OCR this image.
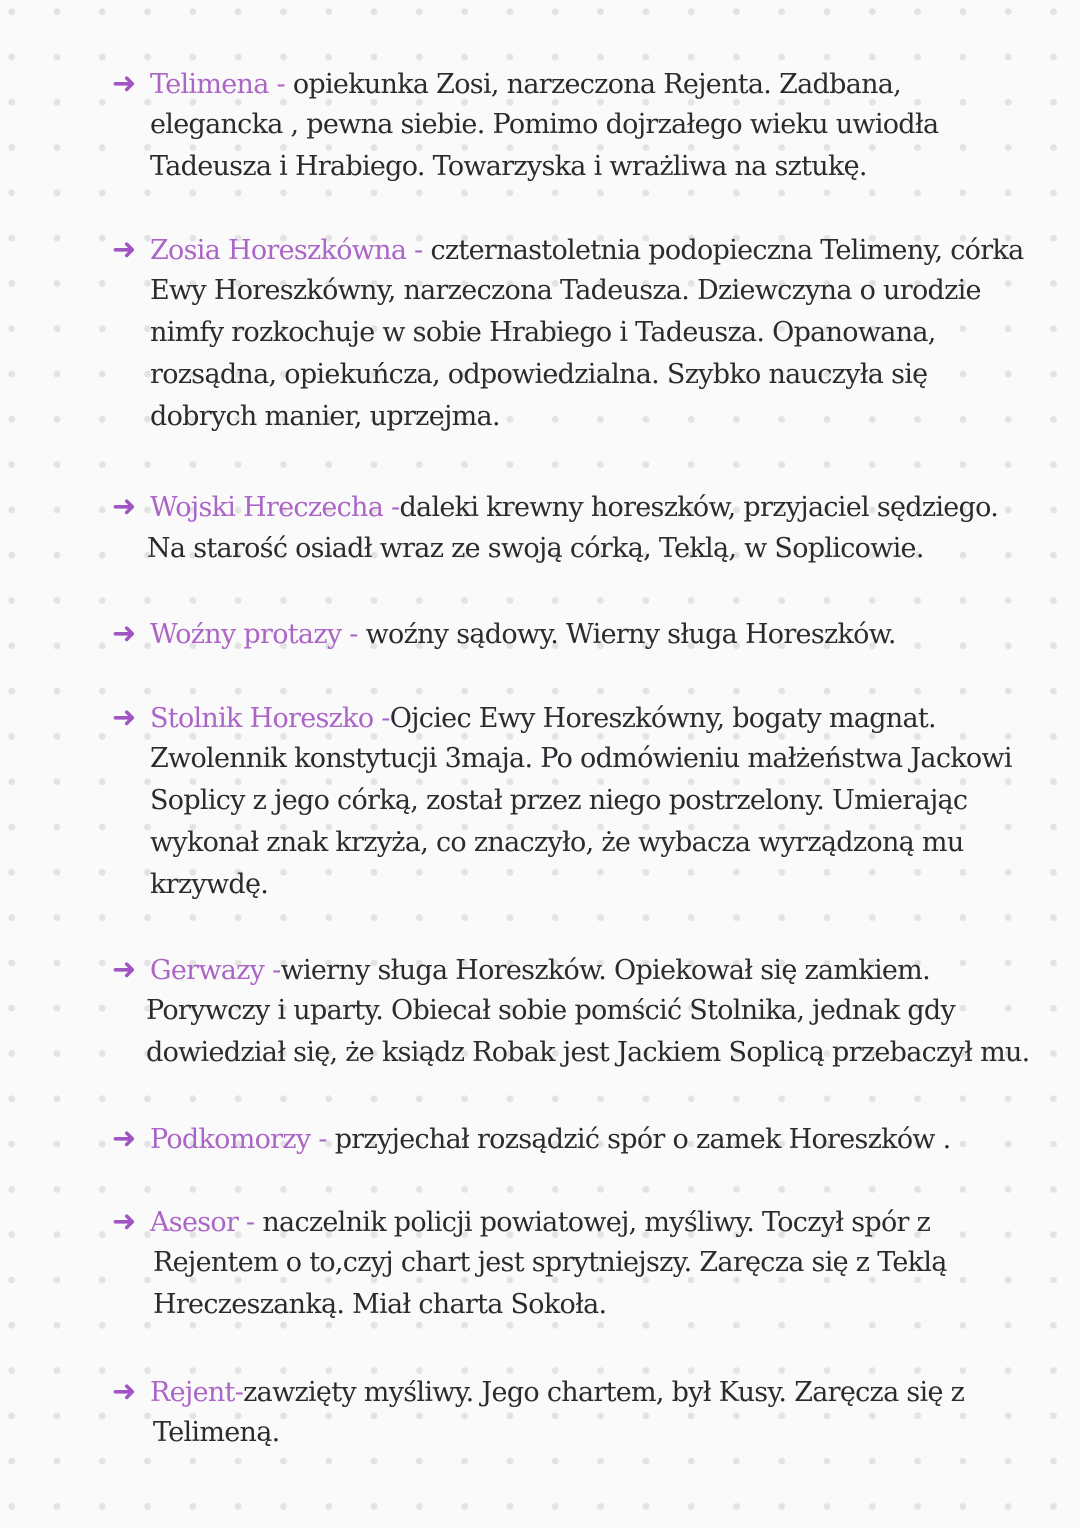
➜ Telimena - opiekunka Zosi, narzeczona Rejenta. Zadbana,
elegancka , pewna siebie. Pomimo dojrzałego wieku uwiodła
Tadeusza i Hrabiego. Towarzyska i wrażliwa na sztukę.
➜ Zosia Horeszkówna - czternastoletnia podopieczna Telimeny, córka
Ewy Horeszkówny, narzeczona Tadeusza. Dziewczyna o urodzie
nimfy rozkochuje w sobie Hrabiego i Tadeusza. Opanowana,
rozsądna, opiekuńcza, odpowiedzialna. Szybko nauczyła się
dobrych manier, uprzejma.
➜ Wojski Hreczecha -daleki krewny horeszków, przyjaciel sędziego.
Na starość osiadł wraz ze swoją córką, Teklą, w Soplicowie.
➜ Woźny protazy - woźny sądowy. Wierny sługa Horeszków.
➜ Stolnik Horeszko -Ojciec Ewy Horeszkówny, bogaty magnat.
Zwolennik konstytucji 3maja. Po odmówieniu małżeństwa Jackowi
Soplicy z jego córką, został przez niego postrzelony. Umierając
wykonał znak krzyża, co znaczyło, że wybacza wyrządzoną mu
krzywdę.
➜ Gerwazy -wierny sługa Horeszków. Opiekował się zamkiem.
Porywczy i uparty. Obiecał sobie pomścić Stolnika, jednak gdy
dowiedział się, że ksiądz Robak jest Jackiem Soplicą przebaczył mu.
➜ Podkomorzy - przyjechał rozsądzić spór o zamek Horeszków .
➜ Asesor - naczelnik policji powiatowej, myśliwy. Toczył spór z
Rejentem o to,czyj chart jest sprytniejszy. Zaręcza się z Teklą
Hreczeszanką. Miał charta Sokoła.
➜ Rejent-zawzięty myśliwy. Jego chartem, był Kusy. Zaręcza się z
Telimeną.
